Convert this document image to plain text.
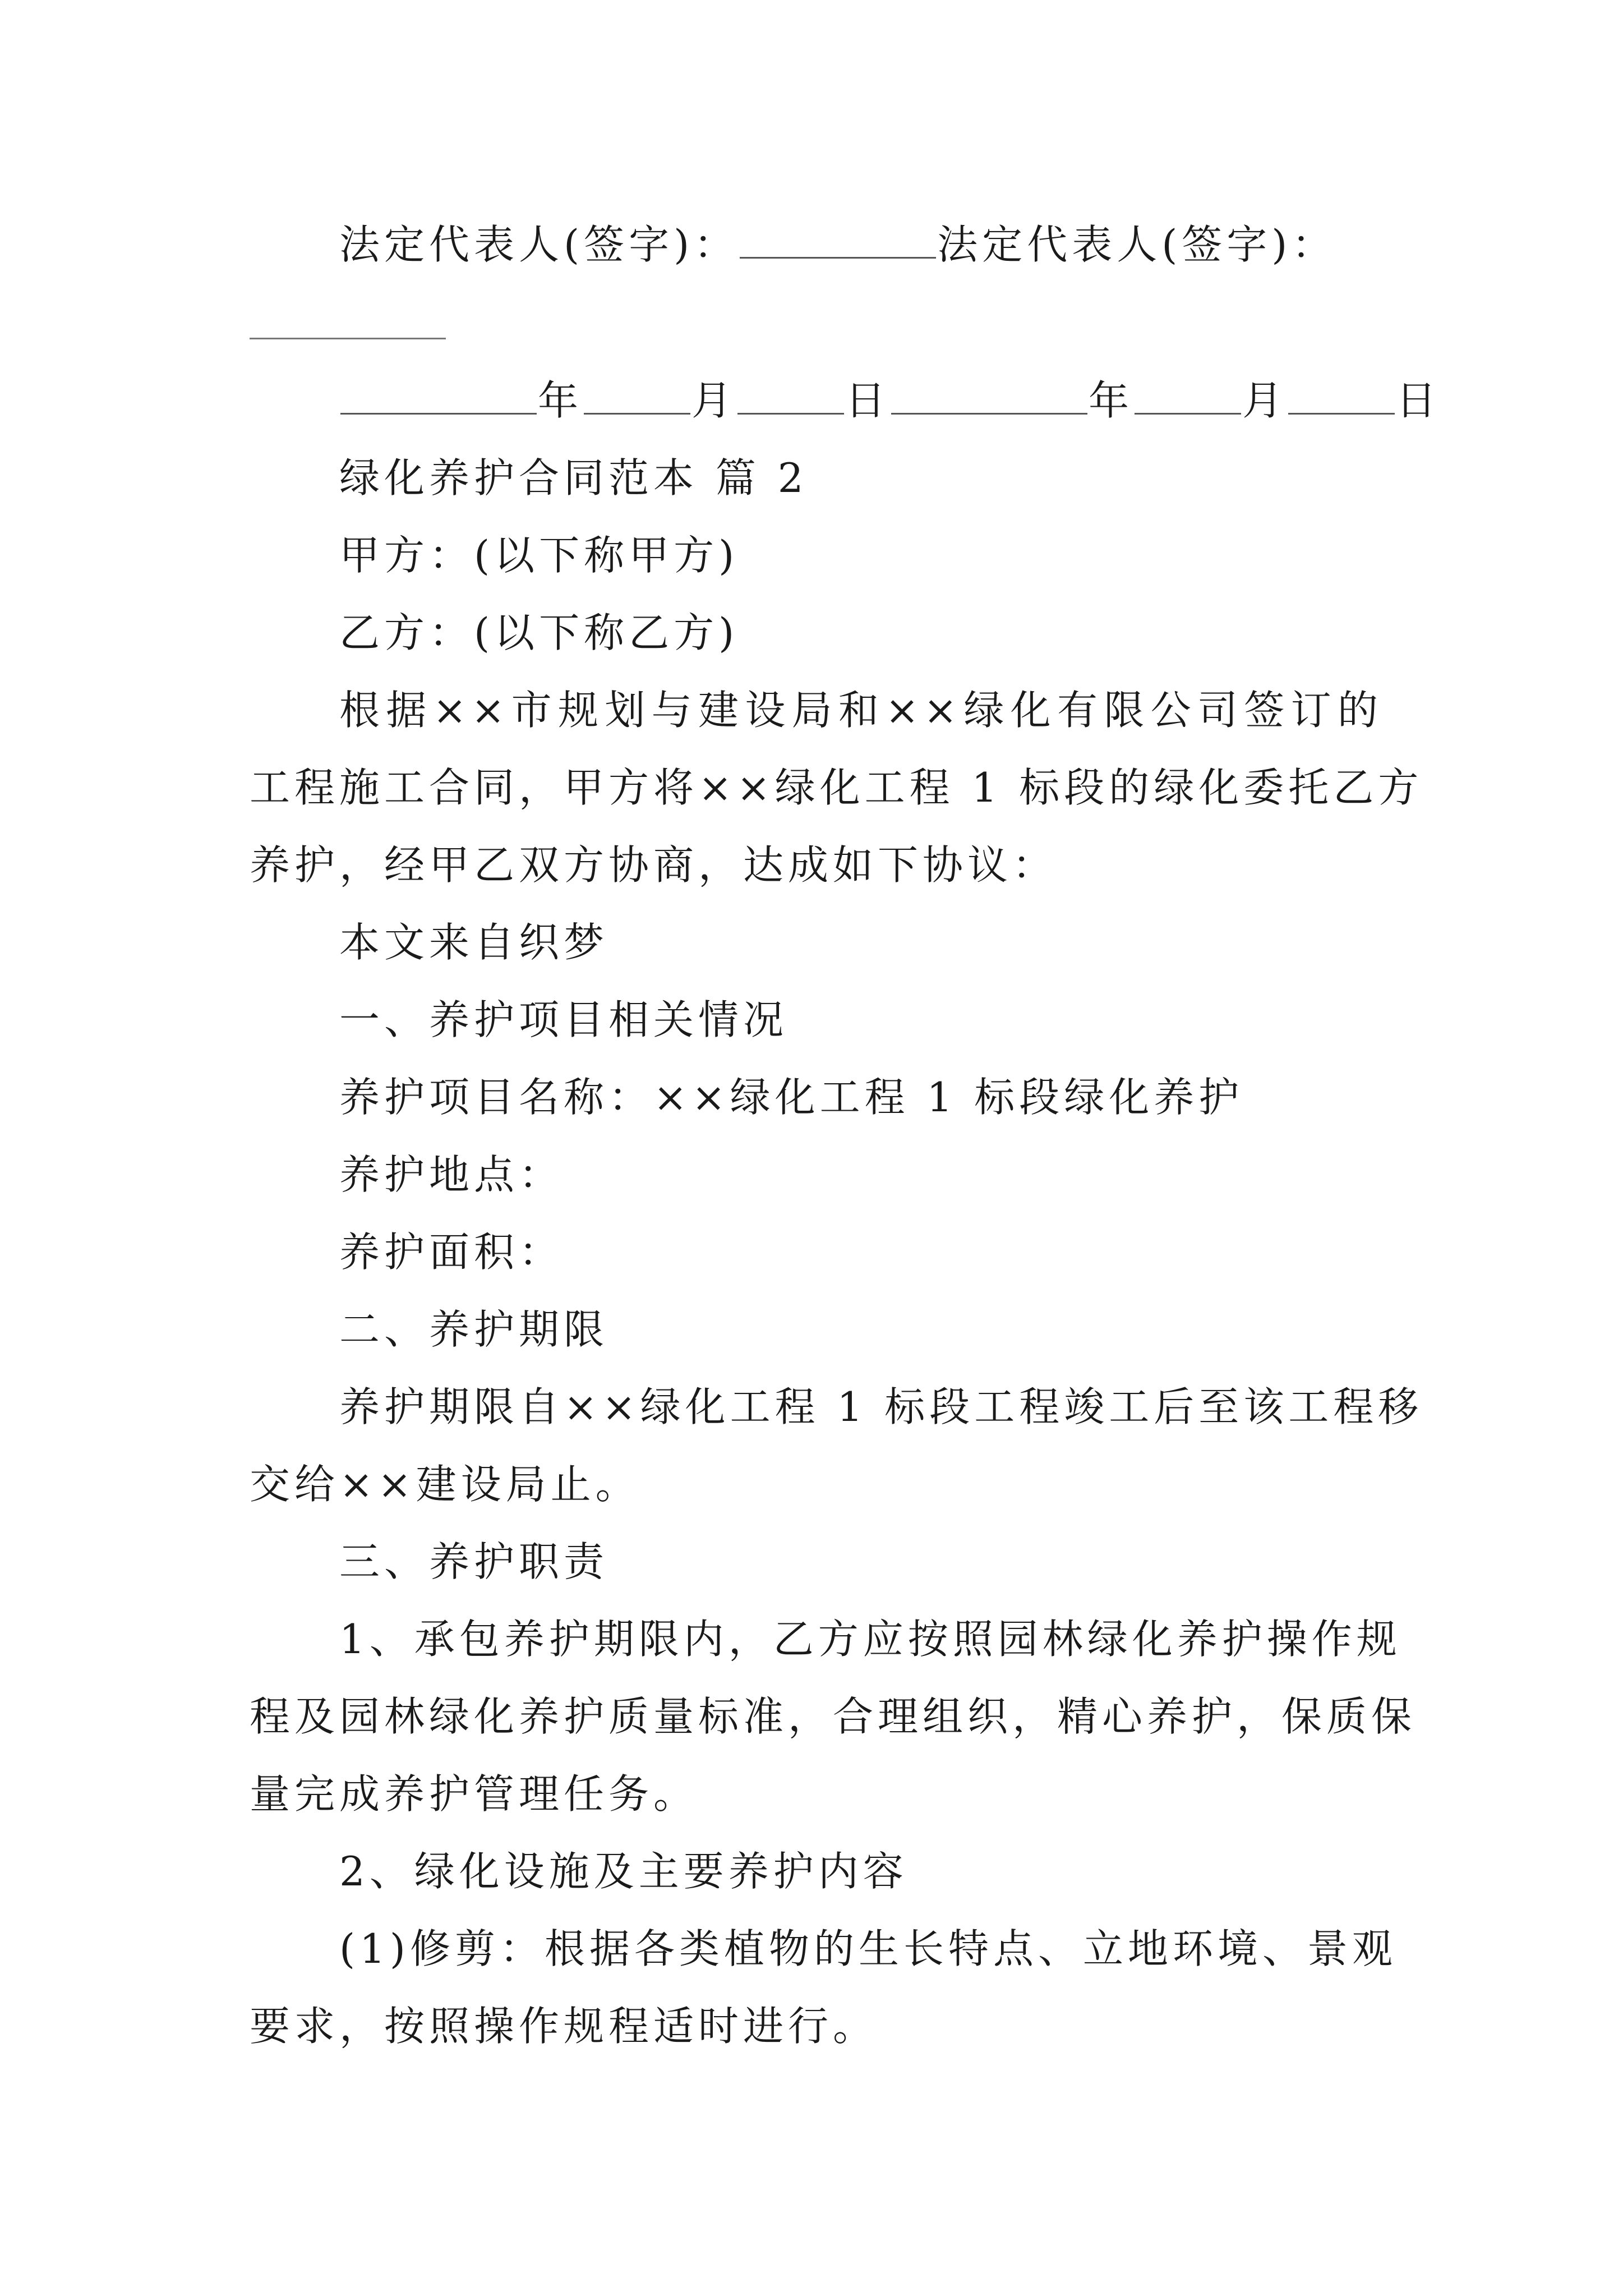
法定代表人(签字)：	法定代表人(签字)：
年	月	日	年	月	日
绿化养护合同范本 篇 2
甲方：(以下称甲方)
乙方：(以下称乙方)
根据××市规划与建设局和××绿化有限公司签订的
工程施工合同，甲方将××绿化工程 1 标段的绿化委托乙方
养护，经甲乙双方协商，达成如下协议：
本文来自织梦
一、养护项目相关情况
养护项目名称：××绿化工程 1 标段绿化养护
养护地点：
养护面积：
二、养护期限
养护期限自××绿化工程 1 标段工程竣工后至该工程移
交给××建设局止。
三、养护职责
1、承包养护期限内，乙方应按照园林绿化养护操作规
程及园林绿化养护质量标准，合理组织，精心养护，保质保
量完成养护管理任务。
2、绿化设施及主要养护内容
(1)修剪：根据各类植物的生长特点、立地环境、景观
要求，按照操作规程适时进行。
